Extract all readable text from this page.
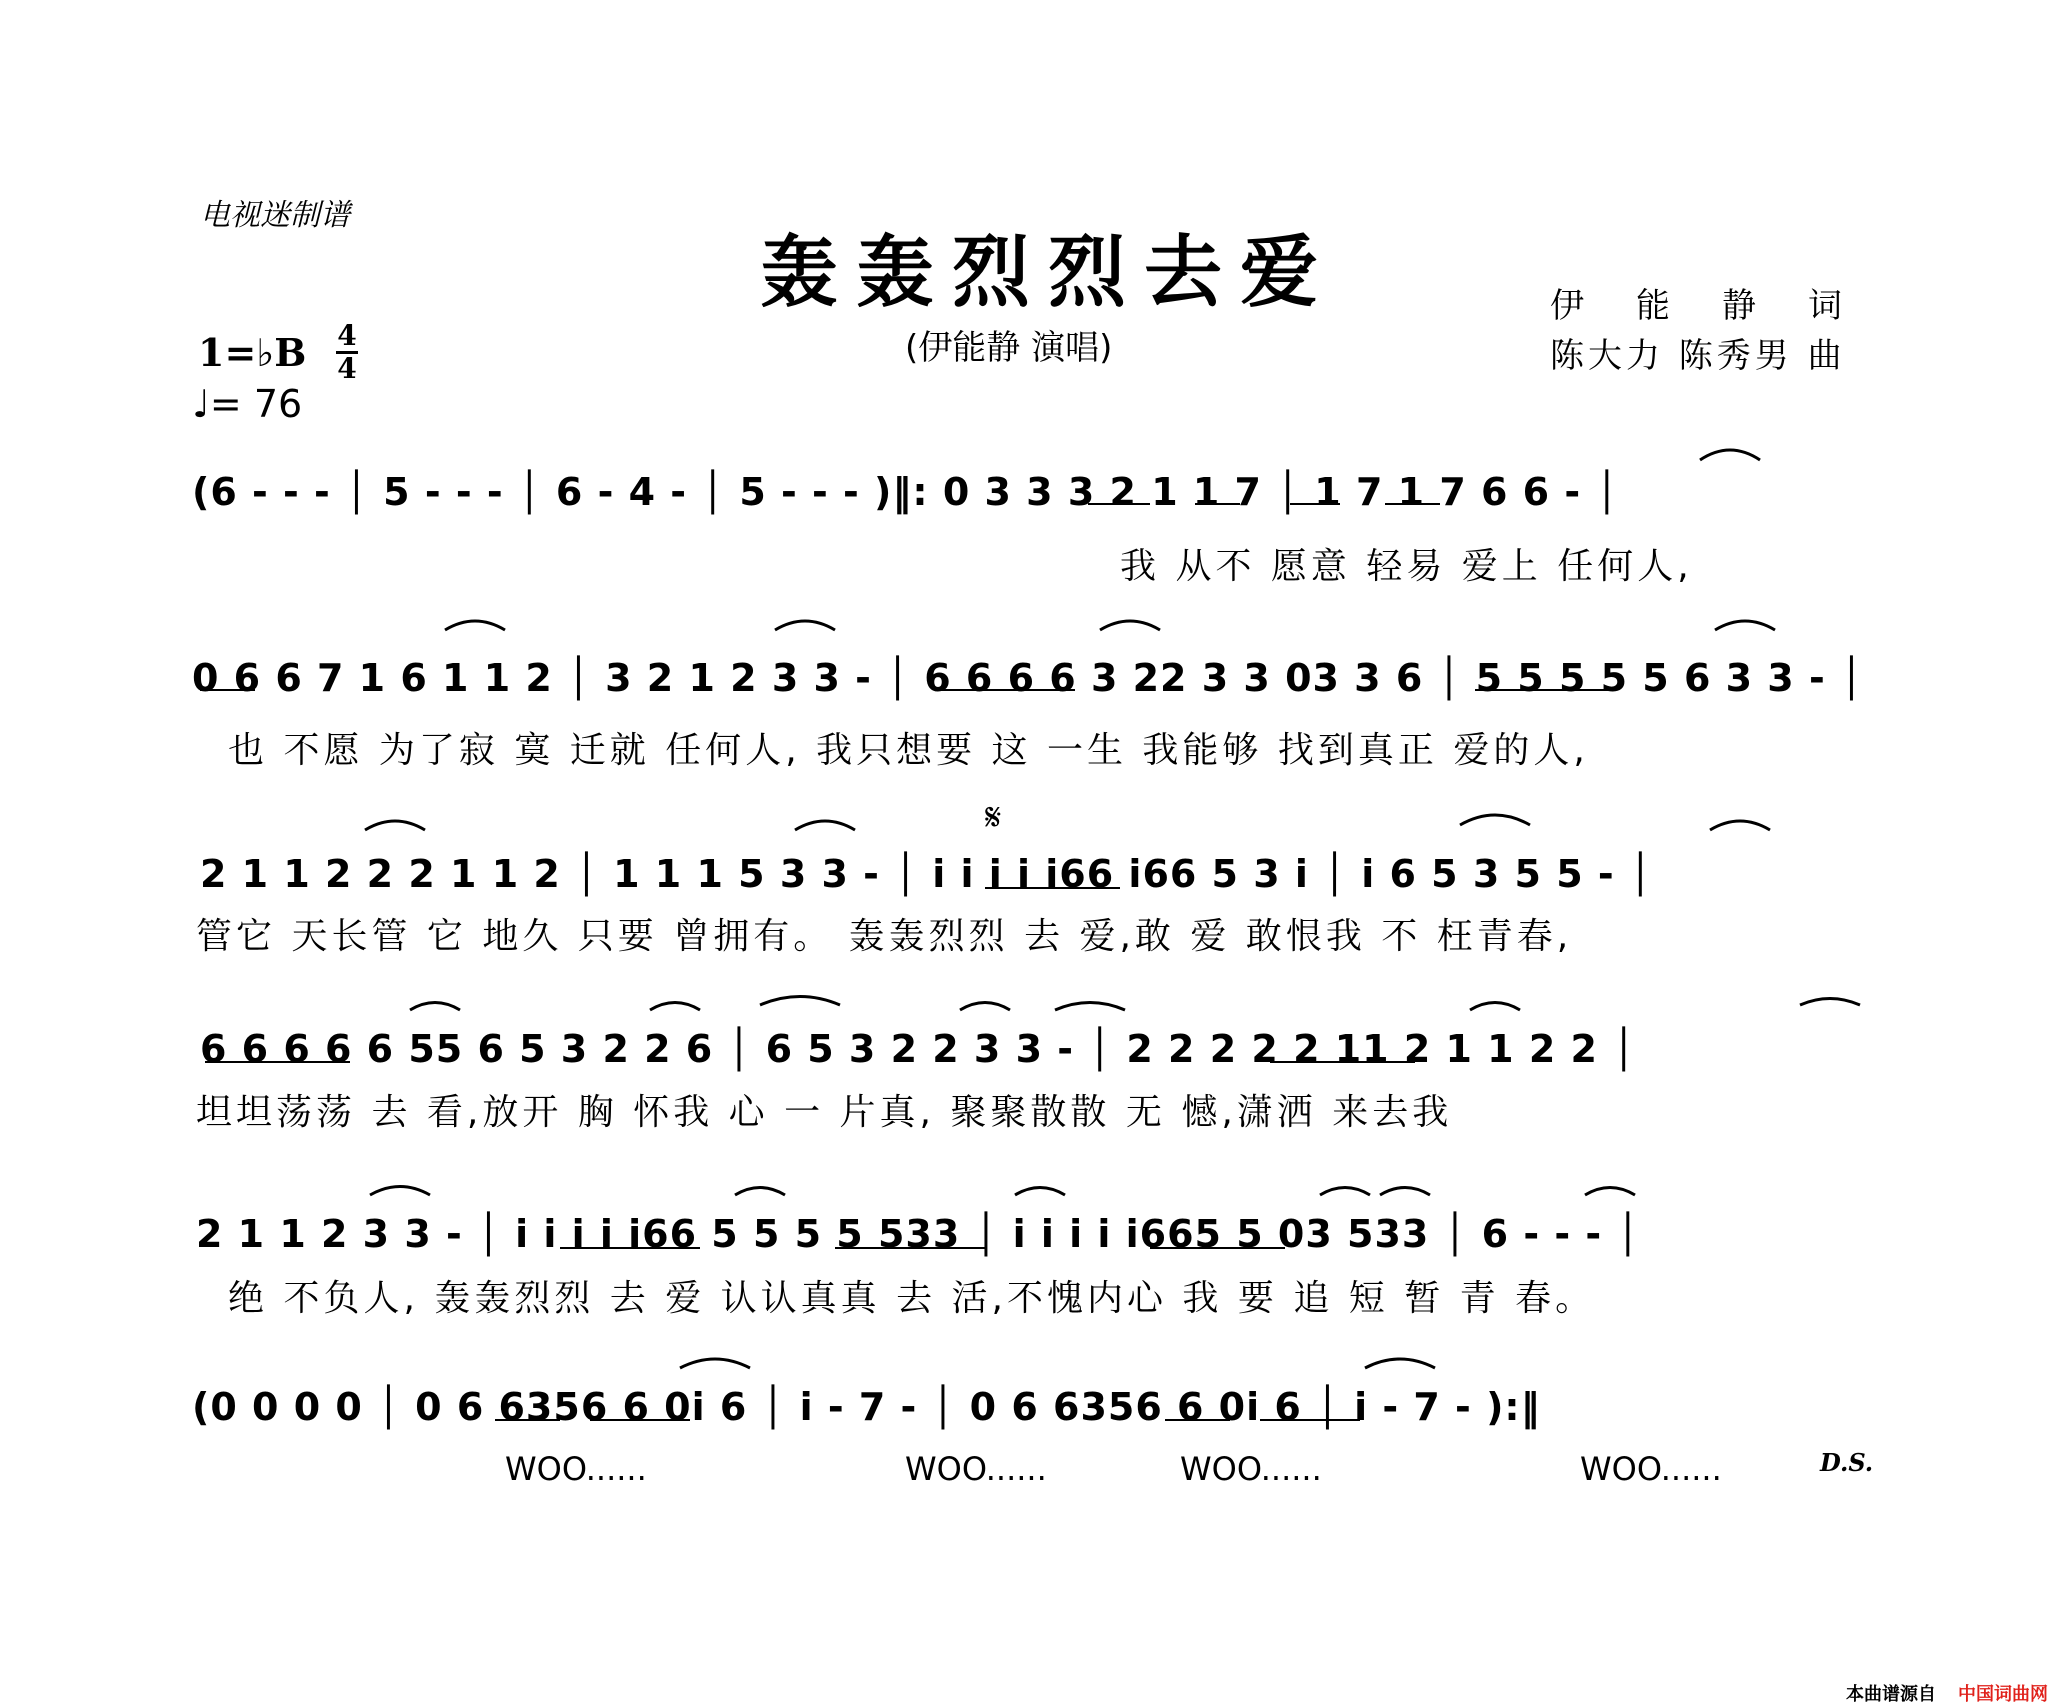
电视迷制谱
轰轰烈烈去爱
(伊能静 演唱)
伊能静词
陈大力 陈秀男 曲
1=♭B 4
4
♩= 76
(6 - - - │ 5 - - - │ 6 - 4 - │ 5 - - - )‖: 0 3 3 3 2 1 1 7 │ 1 7 1 7 6 6 - │
我 从不 愿意 轻易 爱上 任何人,
0 6 6 7 1 6 1 1 2 │ 3 2 1 2 3 3 - │ 6 6 6 6 3 22 3 3 03 3 6 │ 5 5 5 5 5 6 3 3 - │
也 不愿 为了寂 寞 迁就 任何人, 我只想要 这 一生 我能够 找到真正 爱的人,
𝄋
2 1 1 2 2 2 1 1 2 │ 1 1 1 5 3 3 - │ i i i i i66 i66 5 3 i │ i 6 5 3 5 5 - │
管它 天长管 它 地久 只要 曾拥有。 轰轰烈烈 去 爱,敢 爱 敢恨我 不 枉青春,
6 6 6 6 6 55 6 5 3 2 2 6 │ 6 5 3 2 2 3 3 - │ 2 2 2 2 2 11 2 1 1 2 2 │
坦坦荡荡 去 看,放开 胸 怀我 心 一 片真, 聚聚散散 无 憾,潇洒 来去我
2 1 1 2 3 3 - │ i i i i i66 5 5 5 5 533 │ i i i i i665 5 03 533 │ 6 - - - │
绝 不负人, 轰轰烈烈 去 爱 认认真真 去 活,不愧内心 我 要 追 短 暂 青 春。
(0 0 0 0 │ 0 6 6356 6 0i 6 │ i - 7 - │ 0 6 6356 6 0i 6 │ i - 7 - ):‖
WOO......	WOO......	WOO......	WOO......	D.S.
本曲谱源自 中国词曲网
